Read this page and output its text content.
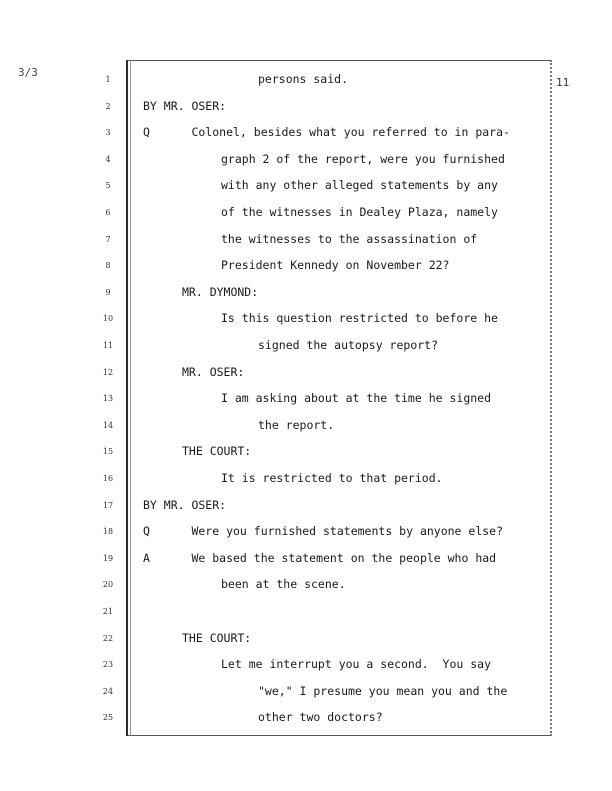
3/3
11
1	persons said.
2	BY MR. OSER:
3	Q      Colonel, besides what you referred to in para-
4	graph 2 of the report, were you furnished
5	with any other alleged statements by any
6	of the witnesses in Dealey Plaza, namely
7	the witnesses to the assassination of
8	President Kennedy on November 22?
9	MR. DYMOND:
10	Is this question restricted to before he
11	signed the autopsy report?
12	MR. OSER:
13	I am asking about at the time he signed
14	the report.
15	THE COURT:
16	It is restricted to that period.
17	BY MR. OSER:
18	Q      Were you furnished statements by anyone else?
19	A      We based the statement on the people who had
20	been at the scene.
21
22	THE COURT:
23	Let me interrupt you a second.  You say
24	"we," I presume you mean you and the
25	other two doctors?
